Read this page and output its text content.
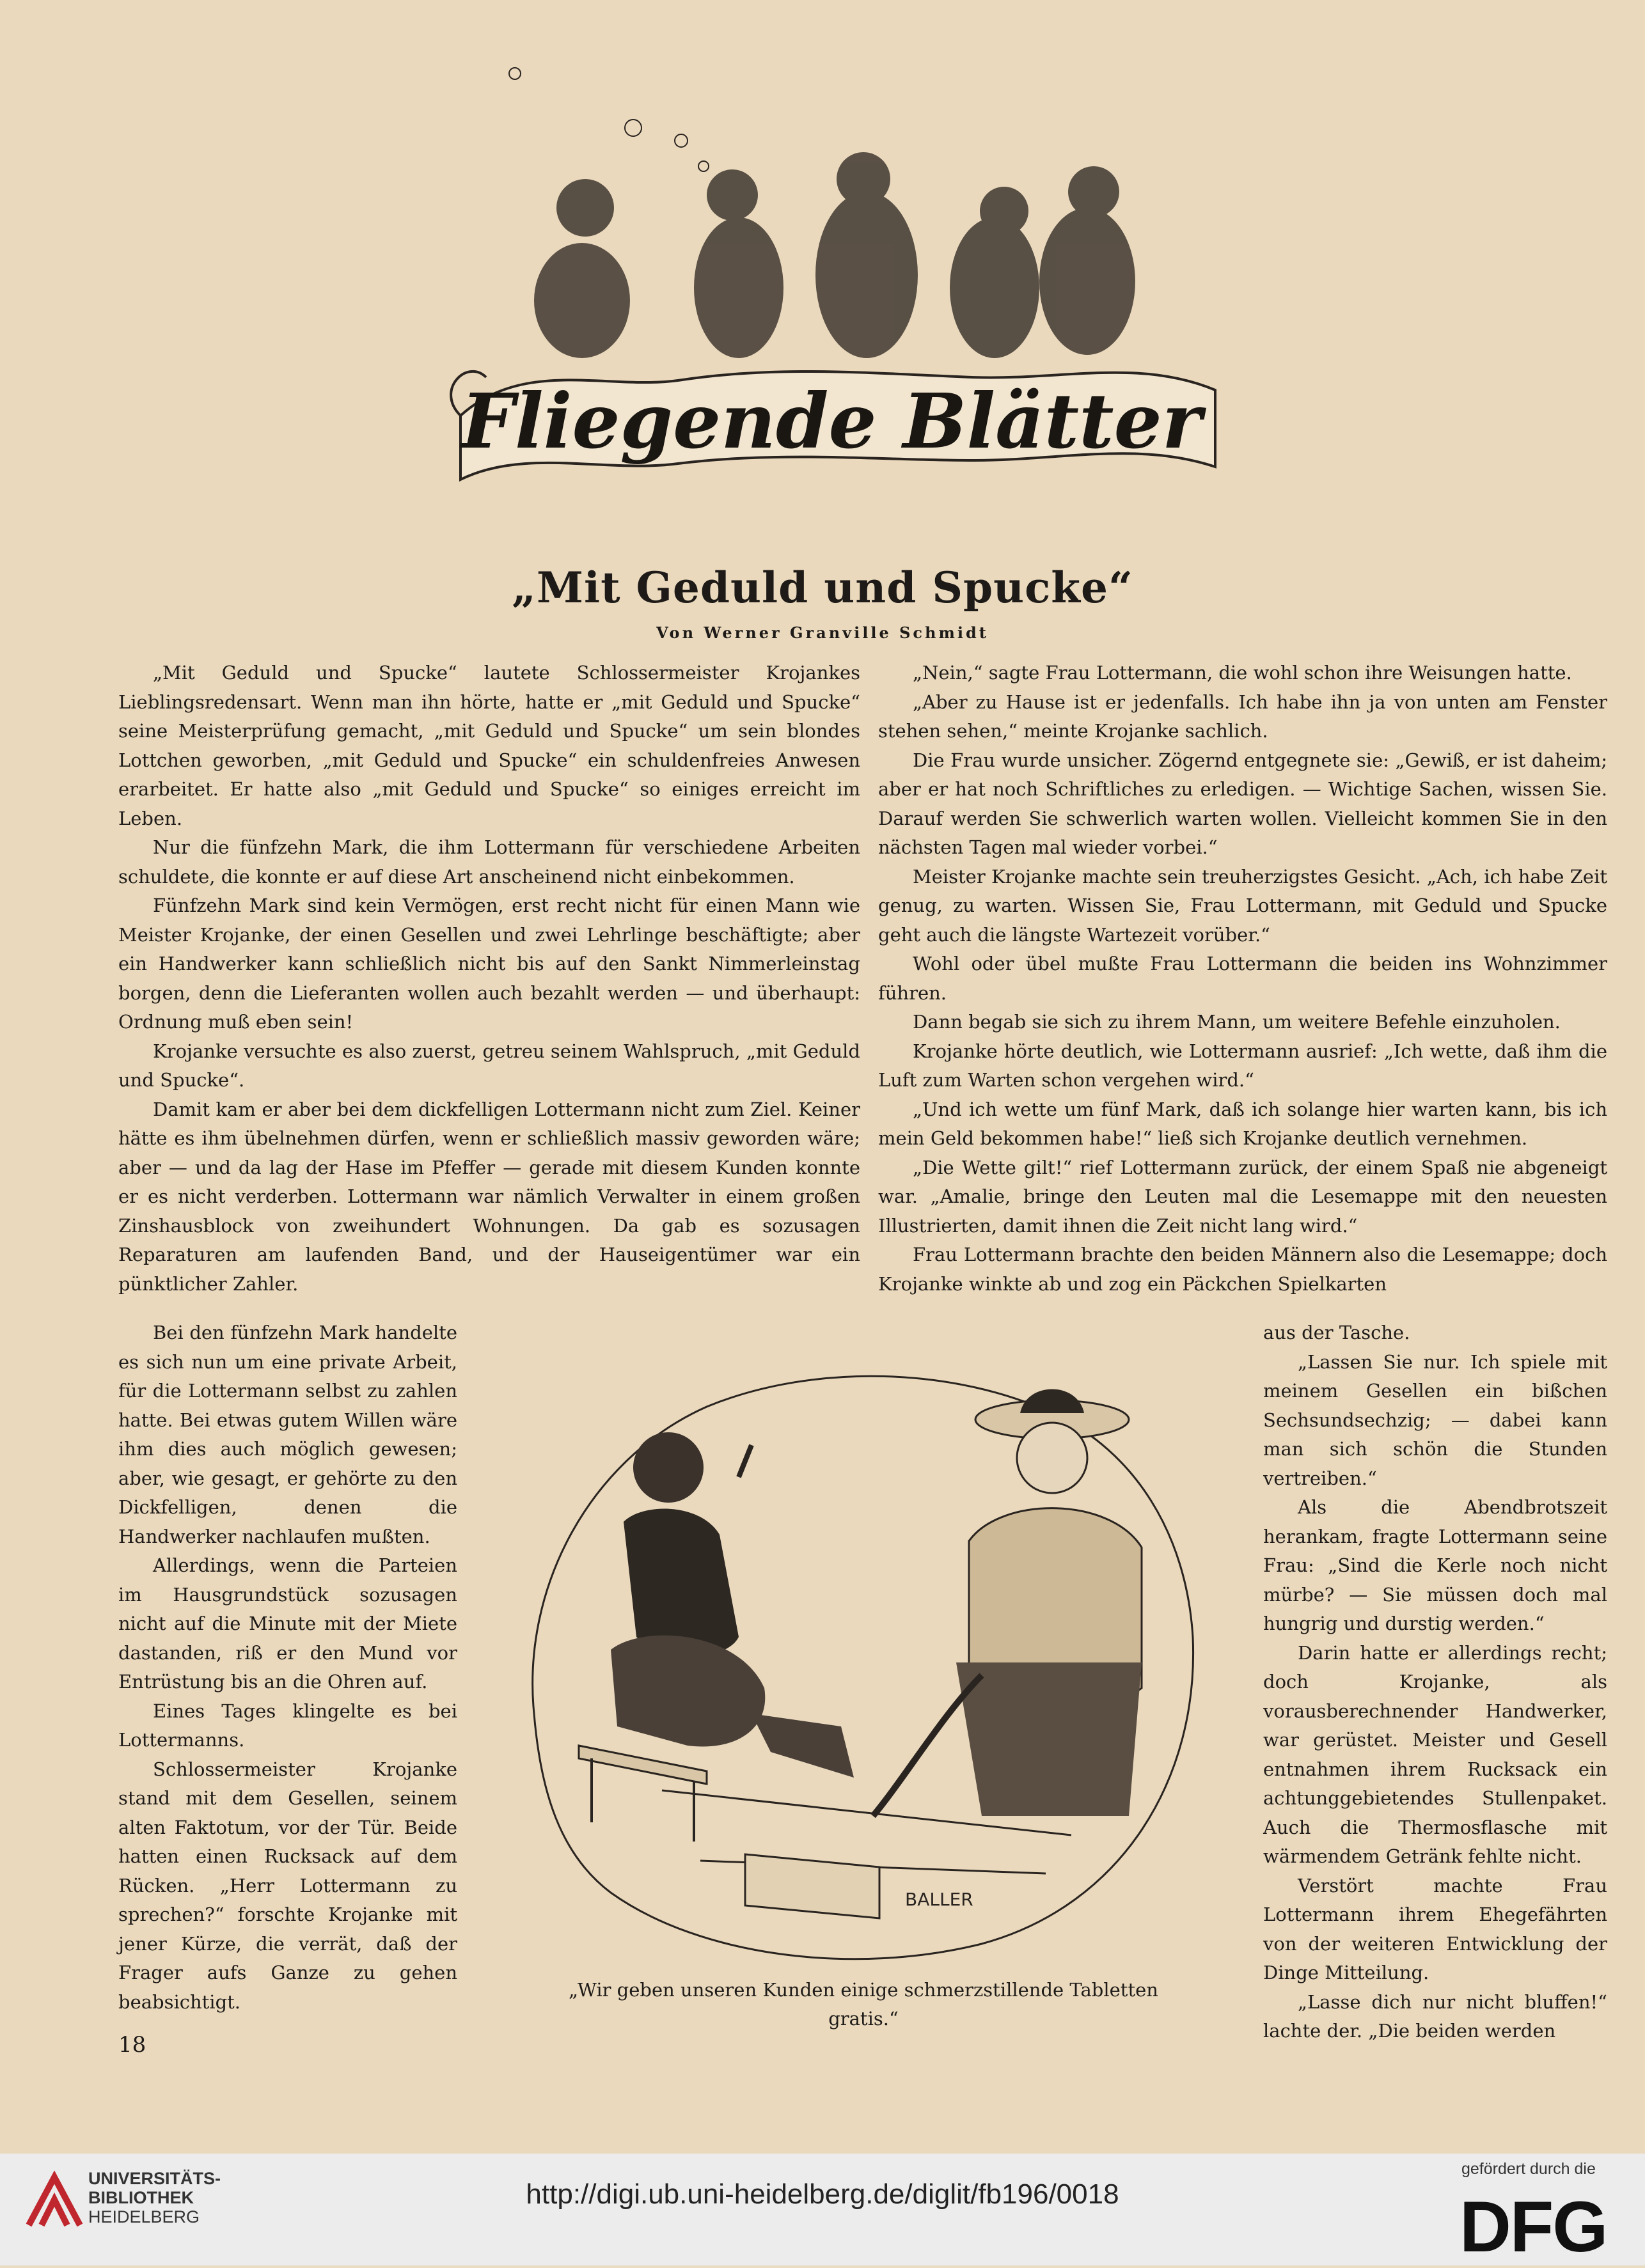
Fliegende Blätter
„Mit Geduld und Spucke“
Von Werner Granville Schmidt

„Mit Geduld und Spucke“ lautete Schlossermeister Krojankes Lieblingsredensart. Wenn man ihn hörte, hatte er „mit Geduld und Spucke“ seine Meisterprüfung gemacht, „mit Geduld und Spucke“ um sein blondes Lottchen geworben, „mit Geduld und Spucke“ ein schuldenfreies Anwesen erarbeitet. Er hatte also „mit Geduld und Spucke“ so einiges erreicht im Leben.

Nur die fünfzehn Mark, die ihm Lottermann für verschiedene Arbeiten schuldete, die konnte er auf diese Art anscheinend nicht einbekommen.

Fünfzehn Mark sind kein Vermögen, erst recht nicht für einen Mann wie Meister Krojanke, der einen Gesellen und zwei Lehrlinge beschäftigte; aber ein Handwerker kann schließlich nicht bis auf den Sankt Nimmerleinstag borgen, denn die Lieferanten wollen auch bezahlt werden — und überhaupt: Ordnung muß eben sein!

Krojanke versuchte es also zuerst, getreu seinem Wahlspruch, „mit Geduld und Spucke“.

Damit kam er aber bei dem dickfelligen Lottermann nicht zum Ziel. Keiner hätte es ihm übelnehmen dürfen, wenn er schließlich massiv geworden wäre; aber — und da lag der Hase im Pfeffer — gerade mit diesem Kunden konnte er es nicht verderben. Lottermann war nämlich Verwalter in einem großen Zinshausblock von zweihundert Wohnungen. Da gab es sozusagen Reparaturen am laufenden Band, und der Hauseigentümer war ein pünktlicher Zahler.

Bei den fünfzehn Mark handelte es sich nun um eine private Arbeit, für die Lottermann selbst zu zahlen hatte. Bei etwas gutem Willen wäre ihm dies auch möglich gewesen; aber, wie gesagt, er gehörte zu den Dickfelligen, denen die Handwerker nachlaufen mußten.

Allerdings, wenn die Parteien im Hausgrundstück sozusagen nicht auf die Minute mit der Miete dastanden, riß er den Mund vor Entrüstung bis an die Ohren auf.

Eines Tages klingelte es bei Lottermanns.

Schlossermeister Krojanke stand mit dem Gesellen, seinem alten Faktotum, vor der Tür. Beide hatten einen Rucksack auf dem Rücken. „Herr Lottermann zu sprechen?“ forschte Krojanke mit jener Kürze, die verrät, daß der Frager aufs Ganze zu gehen beabsichtigt.

„Nein,“ sagte Frau Lottermann, die wohl schon ihre Weisungen hatte.

„Aber zu Hause ist er jedenfalls. Ich habe ihn ja von unten am Fenster stehen sehen,“ meinte Krojanke sachlich.

Die Frau wurde unsicher. Zögernd entgegnete sie: „Gewiß, er ist daheim; aber er hat noch Schriftliches zu erledigen. — Wichtige Sachen, wissen Sie. Darauf werden Sie schwerlich warten wollen. Vielleicht kommen Sie in den nächsten Tagen mal wieder vorbei.“

Meister Krojanke machte sein treuherzigstes Gesicht. „Ach, ich habe Zeit genug, zu warten. Wissen Sie, Frau Lottermann, mit Geduld und Spucke geht auch die längste Wartezeit vorüber.“

Wohl oder übel mußte Frau Lottermann die beiden ins Wohnzimmer führen.

Dann begab sie sich zu ihrem Mann, um weitere Befehle einzuholen.

Krojanke hörte deutlich, wie Lottermann ausrief: „Ich wette, daß ihm die Luft zum Warten schon vergehen wird.“

„Und ich wette um fünf Mark, daß ich solange hier warten kann, bis ich mein Geld bekommen habe!“ ließ sich Krojanke deutlich vernehmen.

„Die Wette gilt!“ rief Lottermann zurück, der einem Spaß nie abgeneigt war. „Amalie, bringe den Leuten mal die Lesemappe mit den neuesten Illustrierten, damit ihnen die Zeit nicht lang wird.“

Frau Lottermann brachte den beiden Männern also die Lesemappe; doch Krojanke winkte ab und zog ein Päckchen Spielkarten

aus der Tasche.

„Lassen Sie nur. Ich spiele mit meinem Gesellen ein bißchen Sechsundsechzig; — dabei kann man sich schön die Stunden vertreiben.“

Als die Abendbrotszeit herankam, fragte Lottermann seine Frau: „Sind die Kerle noch nicht mürbe? — Sie müssen doch mal hungrig und durstig werden.“

Darin hatte er allerdings recht; doch Krojanke, als vorausberechnender Handwerker, war gerüstet. Meister und Gesell entnahmen ihrem Rucksack ein achtunggebietendes Stullenpaket. Auch die Thermosflasche mit wärmendem Getränk fehlte nicht.

Verstört machte Frau Lottermann ihrem Ehegefährten von der weiteren Entwicklung der Dinge Mitteilung.

„Lasse dich nur nicht bluffen!“ lachte der. „Die beiden werden

BALLER
„Wir geben unseren Kunden einige schmerzstillende Tabletten gratis.“
18
UNIVERSITÄTS-
BIBLIOTHEK
HEIDELBERG
http://digi.ub.uni-heidelberg.de/diglit/fb196/0018
gefördert durch die
DFG
